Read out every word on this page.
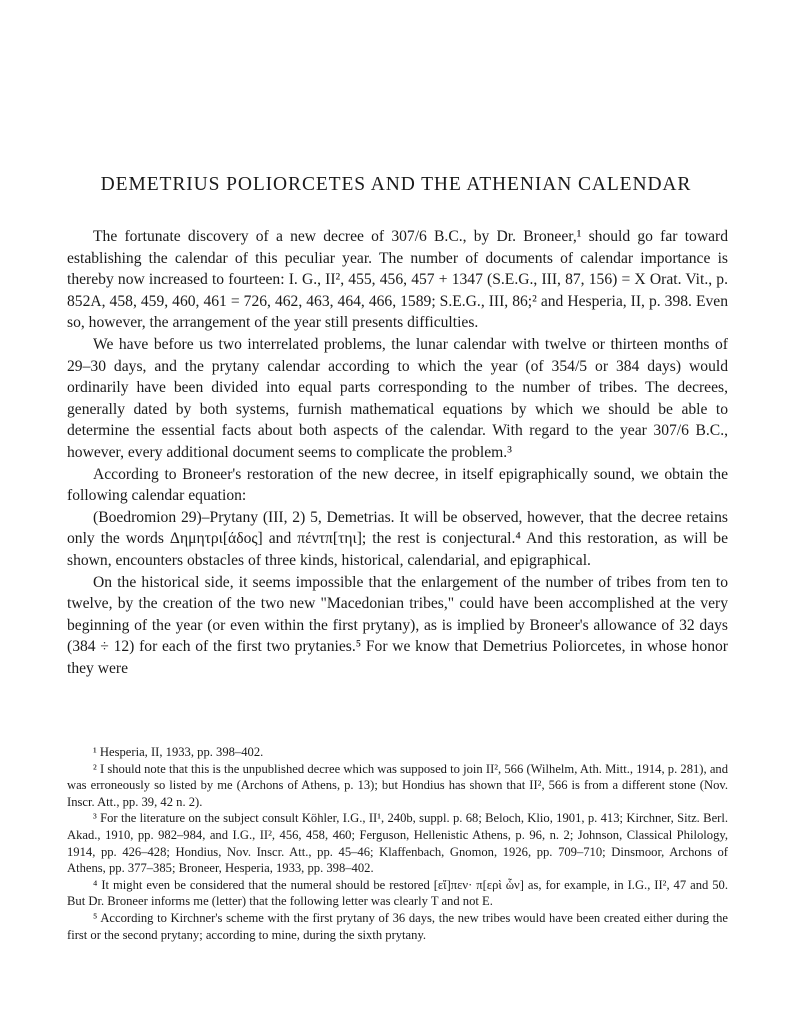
DEMETRIUS POLIORCETES AND THE ATHENIAN CALENDAR

The fortunate discovery of a new decree of 307/6 B.C., by Dr. Broneer,¹ should go far toward establishing the calendar of this peculiar year. The number of documents of calendar importance is thereby now increased to fourteen: I. G., II², 455, 456, 457 + 1347 (S.E.G., III, 87, 156) = X Orat. Vit., p. 852A, 458, 459, 460, 461 = 726, 462, 463, 464, 466, 1589; S.E.G., III, 86;² and Hesperia, II, p. 398. Even so, however, the arrangement of the year still presents difficulties.

We have before us two interrelated problems, the lunar calendar with twelve or thirteen months of 29–30 days, and the prytany calendar according to which the year (of 354/5 or 384 days) would ordinarily have been divided into equal parts corresponding to the number of tribes. The decrees, generally dated by both systems, furnish mathematical equations by which we should be able to determine the essential facts about both aspects of the calendar. With regard to the year 307/6 B.C., however, every additional document seems to complicate the problem.³

According to Broneer's restoration of the new decree, in itself epigraphically sound, we obtain the following calendar equation:

(Boedromion 29)–Prytany (III, 2) 5, Demetrias. It will be observed, however, that the decree retains only the words Δημητρι[άδος] and πέντπ[τηι]; the rest is conjectural.⁴ And this restoration, as will be shown, encounters obstacles of three kinds, historical, calendarial, and epigraphical.

On the historical side, it seems impossible that the enlargement of the number of tribes from ten to twelve, by the creation of the two new "Macedonian tribes," could have been accomplished at the very beginning of the year (or even within the first prytany), as is implied by Broneer's allowance of 32 days (384 ÷ 12) for each of the first two prytanies.⁵ For we know that Demetrius Poliorcetes, in whose honor they were

¹ Hesperia, II, 1933, pp. 398–402.

² I should note that this is the unpublished decree which was supposed to join II², 566 (Wilhelm, Ath. Mitt., 1914, p. 281), and was erroneously so listed by me (Archons of Athens, p. 13); but Hondius has shown that II², 566 is from a different stone (Nov. Inscr. Att., pp. 39, 42 n. 2).

³ For the literature on the subject consult Köhler, I.G., II¹, 240b, suppl. p. 68; Beloch, Klio, 1901, p. 413; Kirchner, Sitz. Berl. Akad., 1910, pp. 982–984, and I.G., II², 456, 458, 460; Ferguson, Hellenistic Athens, p. 96, n. 2; Johnson, Classical Philology, 1914, pp. 426–428; Hondius, Nov. Inscr. Att., pp. 45–46; Klaffenbach, Gnomon, 1926, pp. 709–710; Dinsmoor, Archons of Athens, pp. 377–385; Broneer, Hesperia, 1933, pp. 398–402.

⁴ It might even be considered that the numeral should be restored [εἴ]πεν· π[ερὶ ὧν] as, for example, in I.G., II², 47 and 50. But Dr. Broneer informs me (letter) that the following letter was clearly T and not E.

⁵ According to Kirchner's scheme with the first prytany of 36 days, the new tribes would have been created either during the first or the second prytany; according to mine, during the sixth prytany.
